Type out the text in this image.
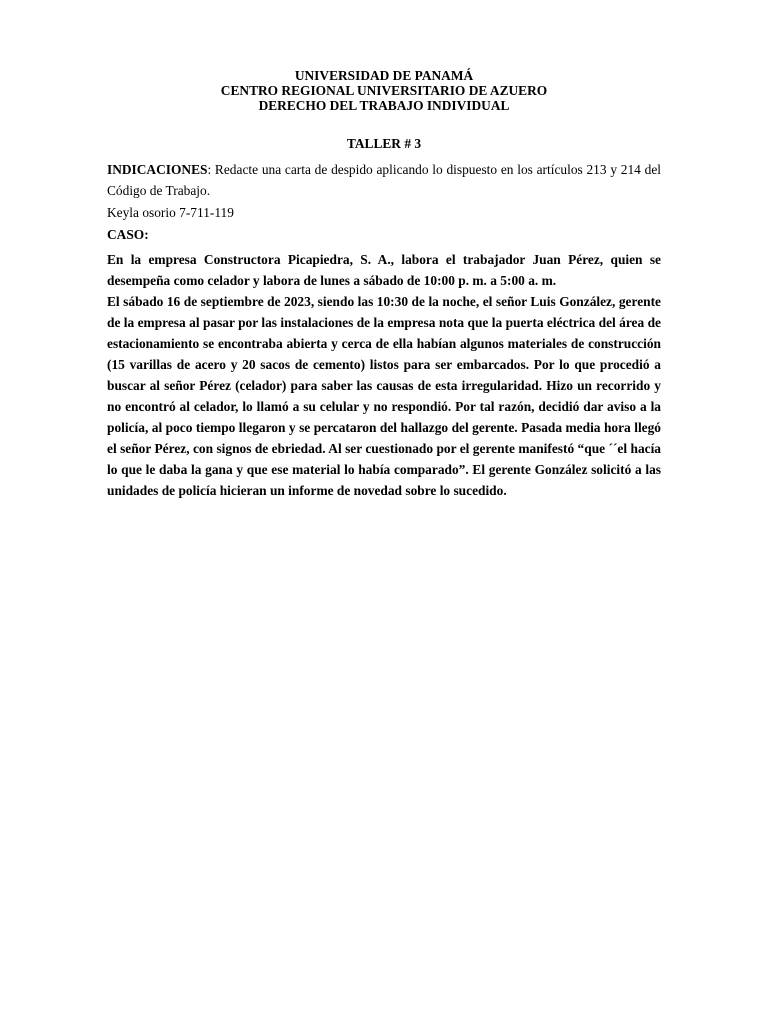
UNIVERSIDAD DE PANAMÁ
CENTRO REGIONAL UNIVERSITARIO DE AZUERO
DERECHO DEL TRABAJO INDIVIDUAL
TALLER # 3
INDICACIONES: Redacte una carta de despido aplicando lo dispuesto en los artículos 213 y 214 del Código de Trabajo.
Keyla osorio 7-711-119
CASO:

En la empresa Constructora Picapiedra, S. A., labora el trabajador Juan Pérez, quien se desempeña como celador y labora de lunes a sábado de 10:00 p. m. a 5:00 a. m.

El sábado 16 de septiembre de 2023, siendo las 10:30 de la noche, el señor Luis González, gerente de la empresa al pasar por las instalaciones de la empresa nota que la puerta eléctrica del área de estacionamiento se encontraba abierta y cerca de ella habían algunos materiales de construcción (15 varillas de acero y 20 sacos de cemento) listos para ser embarcados. Por lo que procedió a buscar al señor Pérez (celador) para saber las causas de esta irregularidad. Hizo un recorrido y no encontró al celador, lo llamó a su celular y no respondió. Por tal razón, decidió dar aviso a la policía, al poco tiempo llegaron y se percataron del hallazgo del gerente. Pasada media hora llegó el señor Pérez, con signos de ebriedad. Al ser cuestionado por el gerente manifestó “que ´´el hacía lo que le daba la gana y que ese material lo había comparado”. El gerente González solicitó a las unidades de policía hicieran un informe de novedad sobre lo sucedido.
